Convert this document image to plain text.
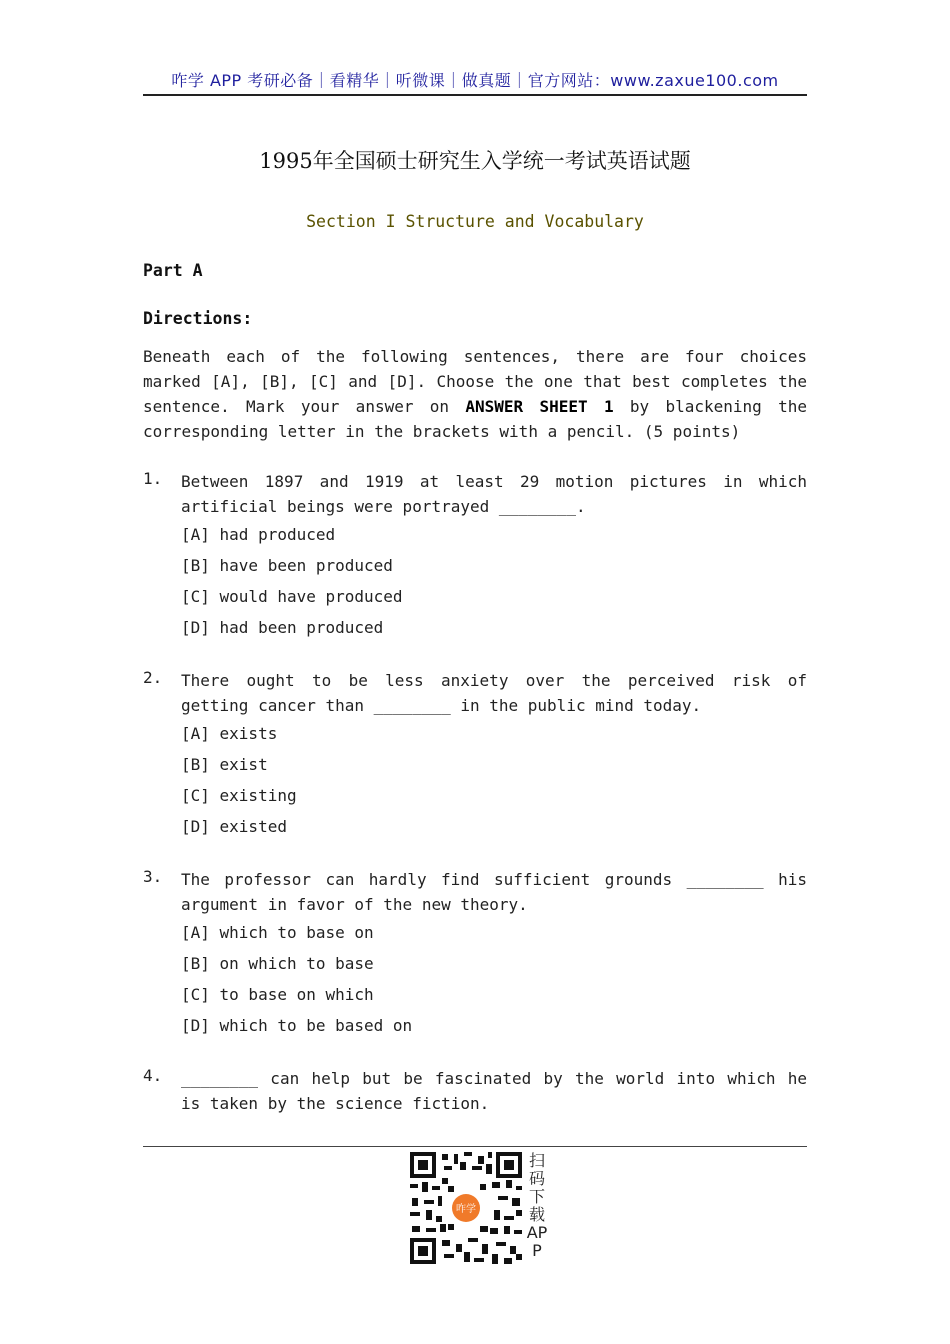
咋学 APP 考研必备｜看精华｜听微课｜做真题｜官方网站：www.zaxue100.com
1995年全国硕士研究生入学统一考试英语试题
Section I Structure and Vocabulary
Part A
Directions:
Beneath each of the following sentences, there are four choices marked [A], [B], [C] and [D]. Choose the one that best completes the sentence. Mark your answer on ANSWER SHEET 1 by blackening the corresponding letter in the brackets with a pencil. (5 points)
1. Between 1897 and 1919 at least 29 motion pictures in which artificial beings were portrayed ________.
[A] had produced
[B] have been produced
[C] would have produced
[D] had been produced
2. There ought to be less anxiety over the perceived risk of getting cancer than ________ in the public mind today.
[A] exists
[B] exist
[C] existing
[D] existed
3. The professor can hardly find sufficient grounds ________ his argument in favor of the new theory.
[A] which to base on
[B] on which to base
[C] to base on which
[D] which to be based on
4. ________ can help but be fascinated by the world into which he is taken by the science fiction.
咋学
扫码下载APP
